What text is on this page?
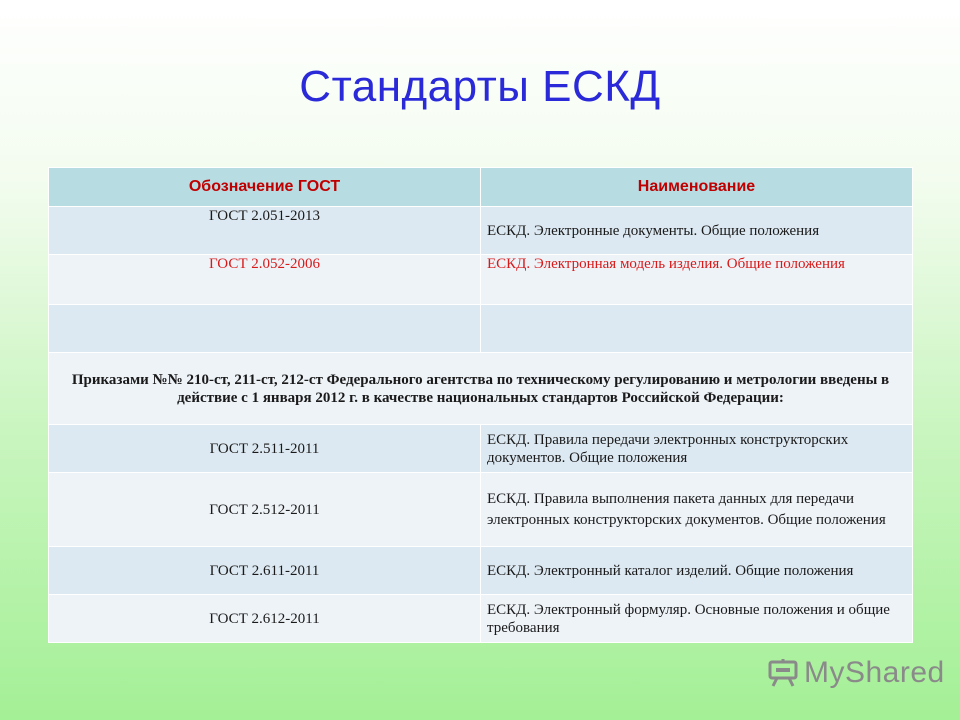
Стандарты ЕСКД
Обозначение ГОСТ	Наименование
ГОСТ 2.051-2013	ЕСКД. Электронные документы. Общие положения
ГОСТ 2.052-2006	ЕСКД. Электронная модель изделия. Общие положения

Приказами №№ 210-ст, 211-ст, 212-ст Федерального агентства по техническому регулированию и метрологии введены в действие с 1 января 2012 г. в качестве национальных стандартов Российской Федерации:	
ГОСТ 2.511-2011	ЕСКД. Правила передачи электронных конструкторских документов. Общие положения
ГОСТ 2.512-2011	ЕСКД. Правила выполнения пакета данных для передачи электронных конструкторских документов. Общие положения
ГОСТ 2.611-2011	ЕСКД. Электронный каталог изделий. Общие положения
ГОСТ 2.612-2011	ЕСКД. Электронный формуляр. Основные положения и общие требования
MyShared
